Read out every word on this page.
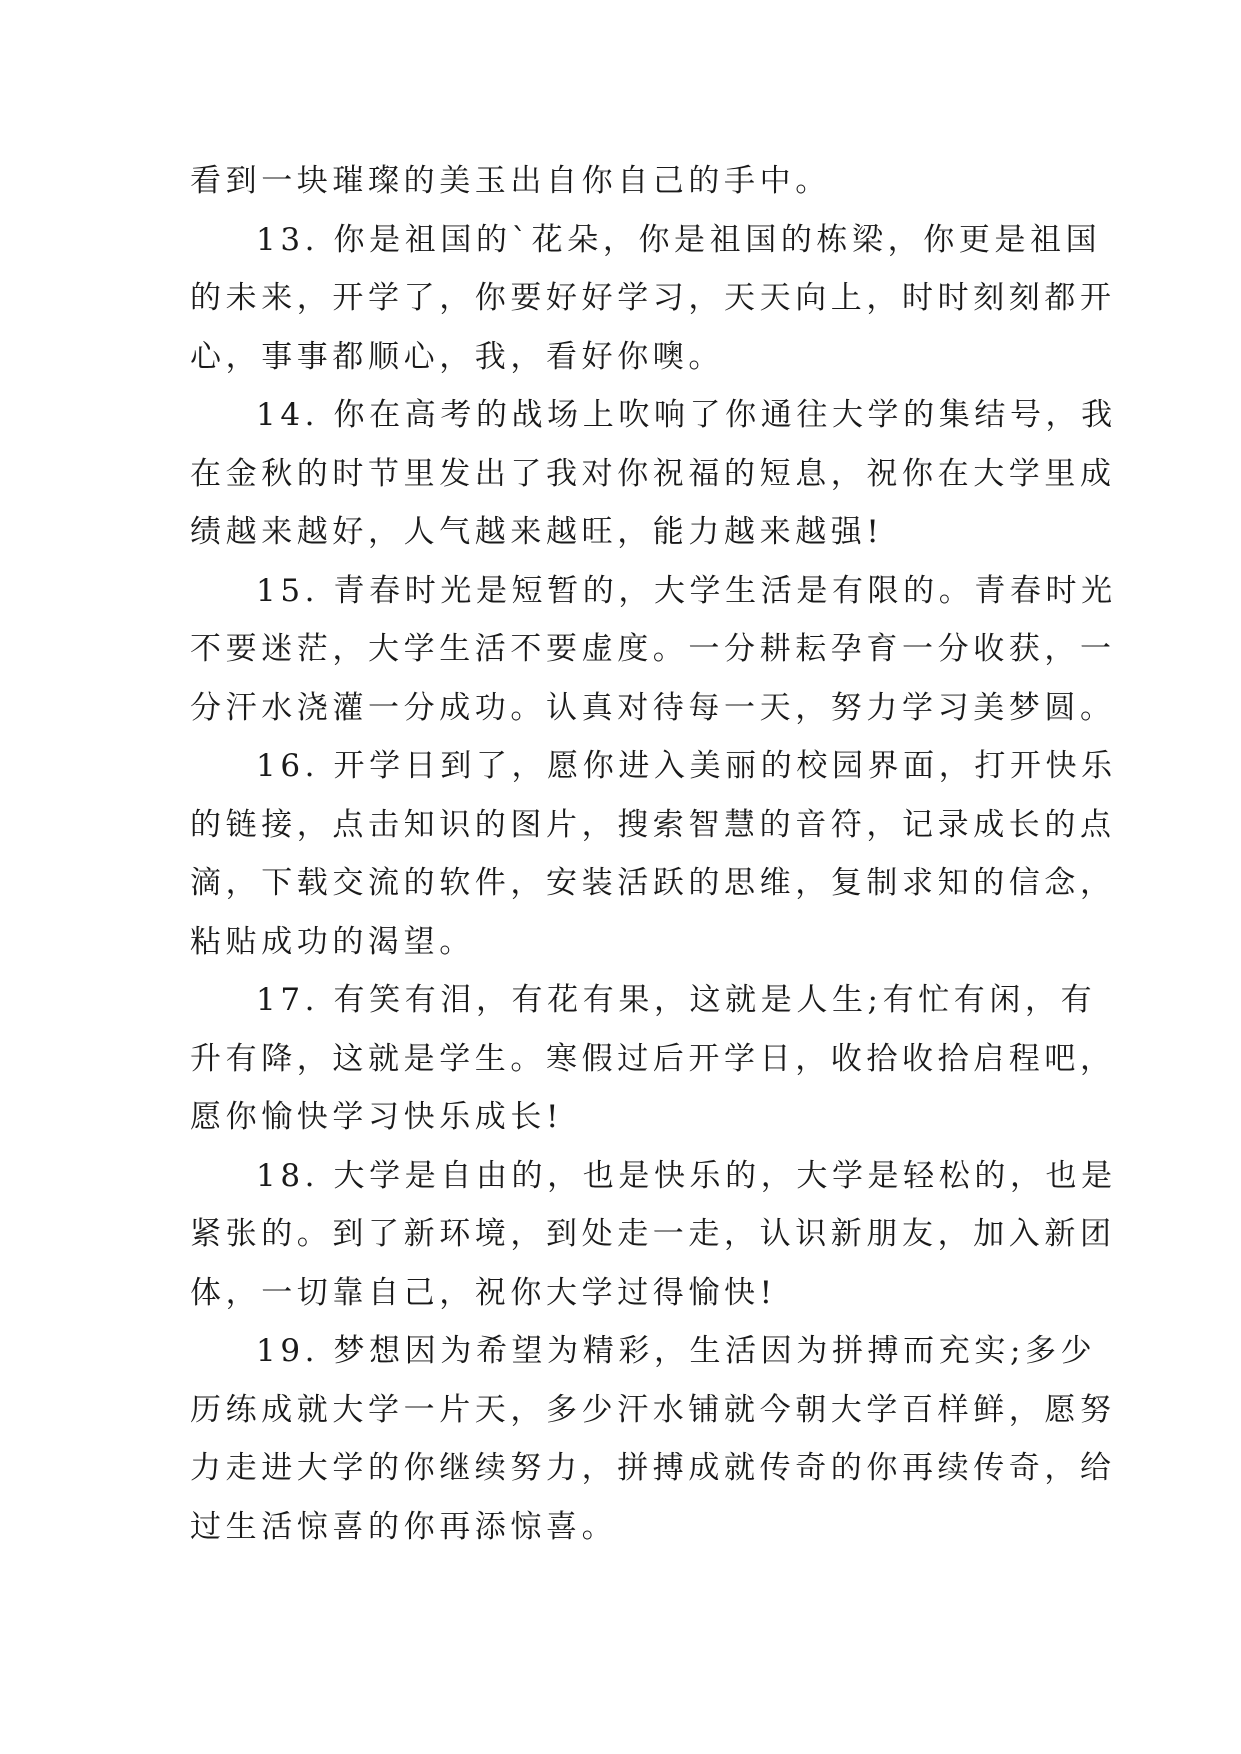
看到一块璀璨的美玉出自你自己的手中。
13. 你是祖国的`花朵，你是祖国的栋梁，你更是祖国
的未来，开学了，你要好好学习，天天向上，时时刻刻都开
心，事事都顺心，我，看好你噢。
14. 你在高考的战场上吹响了你通往大学的集结号，我
在金秋的时节里发出了我对你祝福的短息，祝你在大学里成
绩越来越好，人气越来越旺，能力越来越强!
15. 青春时光是短暂的，大学生活是有限的。青春时光
不要迷茫，大学生活不要虚度。一分耕耘孕育一分收获，一
分汗水浇灌一分成功。认真对待每一天，努力学习美梦圆。
16. 开学日到了，愿你进入美丽的校园界面，打开快乐
的链接，点击知识的图片，搜索智慧的音符，记录成长的点
滴，下载交流的软件，安装活跃的思维，复制求知的信念，
粘贴成功的渴望。
17. 有笑有泪，有花有果，这就是人生;有忙有闲，有
升有降，这就是学生。寒假过后开学日，收拾收拾启程吧，
愿你愉快学习快乐成长!
18. 大学是自由的，也是快乐的，大学是轻松的，也是
紧张的。到了新环境，到处走一走，认识新朋友，加入新团
体，一切靠自己，祝你大学过得愉快!
19. 梦想因为希望为精彩，生活因为拼搏而充实;多少
历练成就大学一片天，多少汗水铺就今朝大学百样鲜，愿努
力走进大学的你继续努力，拼搏成就传奇的你再续传奇，给
过生活惊喜的你再添惊喜。
